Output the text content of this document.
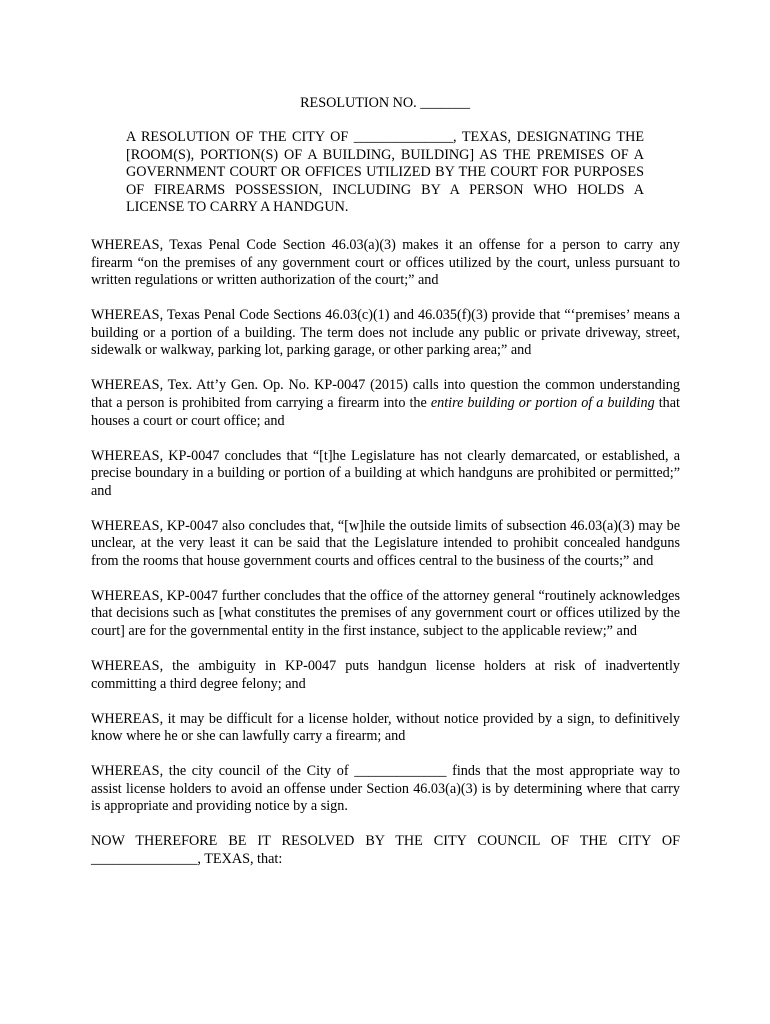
RESOLUTION NO. _______
A RESOLUTION OF THE CITY OF ______________, TEXAS, DESIGNATING THE [ROOM(S), PORTION(S) OF A BUILDING, BUILDING] AS THE PREMISES OF A GOVERNMENT COURT OR OFFICES UTILIZED BY THE COURT FOR PURPOSES OF FIREARMS POSSESSION, INCLUDING BY A PERSON WHO HOLDS A LICENSE TO CARRY A HANDGUN.

WHEREAS, Texas Penal Code Section 46.03(a)(3) makes it an offense for a person to carry any firearm “on the premises of any government court or offices utilized by the court, unless pursuant to written regulations or written authorization of the court;” and

WHEREAS, Texas Penal Code Sections 46.03(c)(1) and 46.035(f)(3) provide that “‘premises’ means a building or a portion of a building. The term does not include any public or private driveway, street, sidewalk or walkway, parking lot, parking garage, or other parking area;” and

WHEREAS, Tex. Att’y Gen. Op. No. KP-0047 (2015) calls into question the common understanding that a person is prohibited from carrying a firearm into the entire building or portion of a building that houses a court or court office; and

WHEREAS, KP-0047 concludes that “[t]he Legislature has not clearly demarcated, or established, a precise boundary in a building or portion of a building at which handguns are prohibited or permitted;” and

WHEREAS, KP-0047 also concludes that, “[w]hile the outside limits of subsection 46.03(a)(3) may be unclear, at the very least it can be said that the Legislature intended to prohibit concealed handguns from the rooms that house government courts and offices central to the business of the courts;” and

WHEREAS, KP-0047 further concludes that the office of the attorney general “routinely acknowledges that decisions such as [what constitutes the premises of any government court or offices utilized by the court] are for the governmental entity in the first instance, subject to the applicable review;” and

WHEREAS, the ambiguity in KP-0047 puts handgun license holders at risk of inadvertently committing a third degree felony; and

WHEREAS, it may be difficult for a license holder, without notice provided by a sign, to definitively know where he or she can lawfully carry a firearm; and

WHEREAS, the city council of the City of _____________ finds that the most appropriate way to assist license holders to avoid an offense under Section 46.03(a)(3) is by determining where that carry is appropriate and providing notice by a sign.

NOW THEREFORE BE IT RESOLVED BY THE CITY COUNCIL OF THE CITY OF _______________, TEXAS, that:
